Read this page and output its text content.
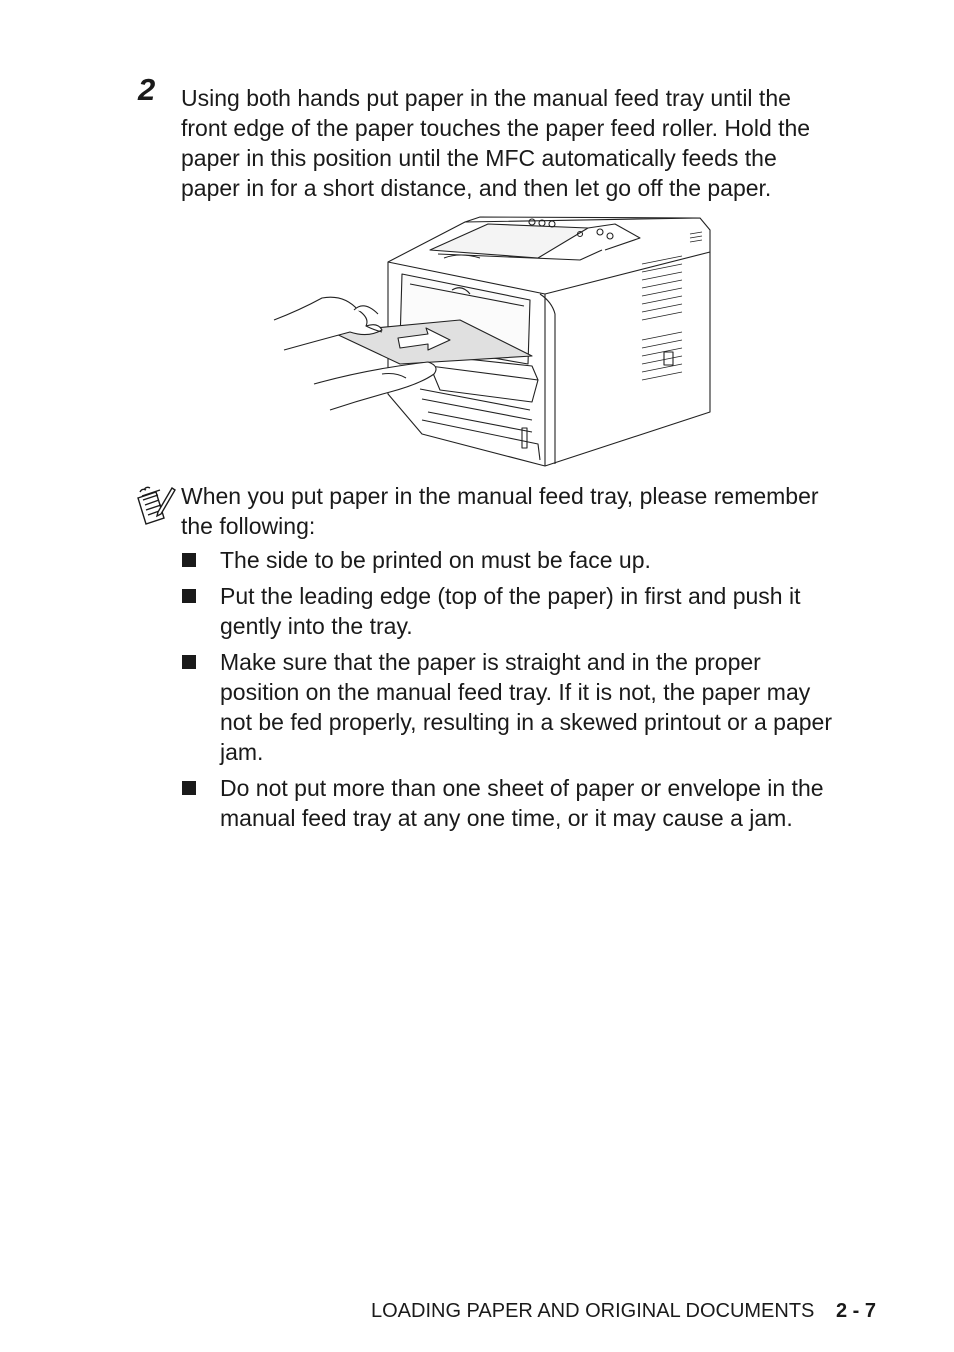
2 Using both hands put paper in the manual feed tray until the
front edge of the paper touches the paper feed roller. Hold the
paper in this position until the MFC automatically feeds the
paper in for a short distance, and then let go off the paper.

When you put paper in the manual feed tray, please remember
the following:

The side to be printed on must be face up.
Put the leading edge (top of the paper) in first and push it
gently into the tray.
Make sure that the paper is straight and in the proper
position on the manual feed tray. If it is not, the paper may
not be fed properly, resulting in a skewed printout or a paper
jam.
Do not put more than one sheet of paper or envelope in the
manual feed tray at any one time, or it may cause a jam.
LOADING PAPER AND ORIGINAL DOCUMENTS 2 - 7
